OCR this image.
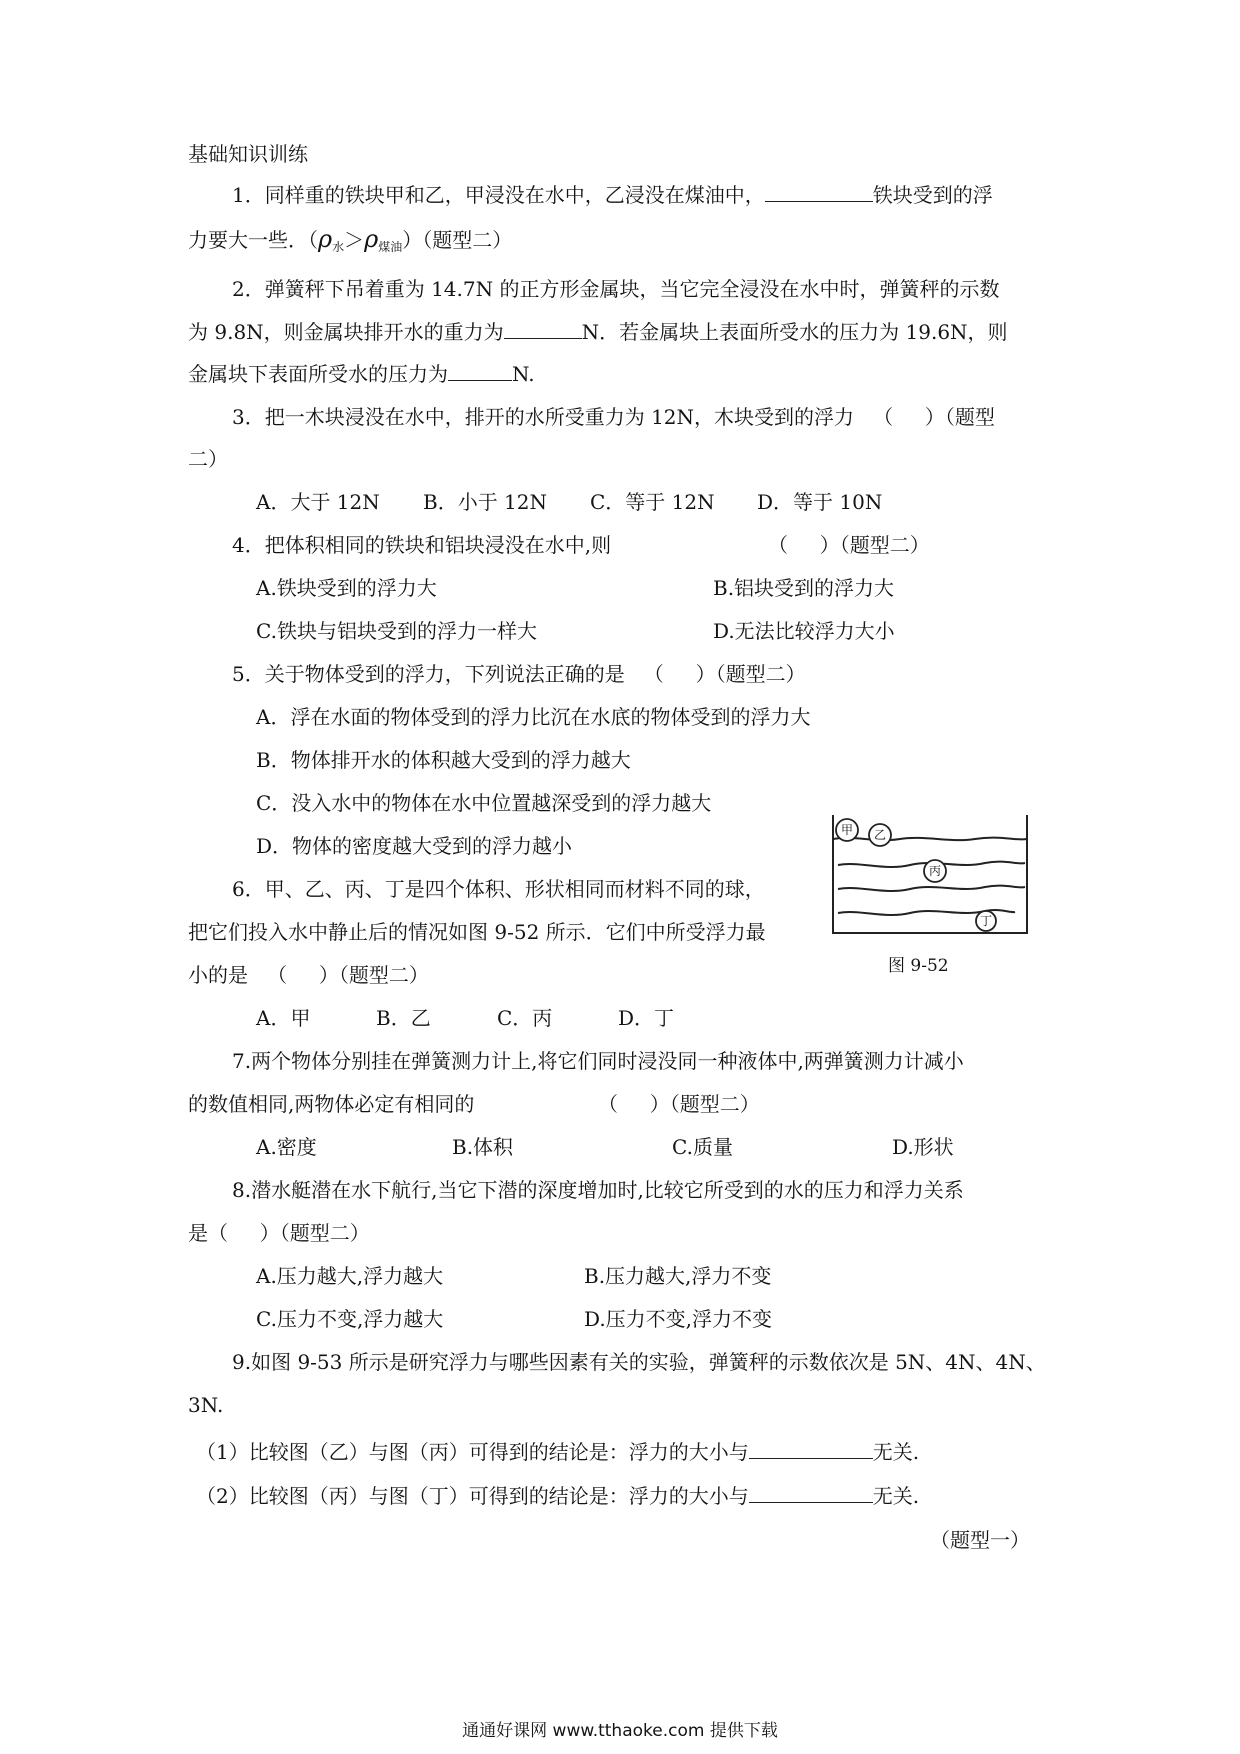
基础知识训练
1．同样重的铁块甲和乙，甲浸没在水中，乙浸没在煤油中，	铁块受到的浮
力要大一些．$(\rho_水>\rho_{煤油})$（题型二）
2．弹簧秤下吊着重为 14.7N 的正方形金属块，当它完全浸没在水中时，弹簧秤的示数
为 9.8N，则金属块排开水的重力为	N．若金属块上表面所受水的压力为 19.6N，则
金属块下表面所受水的压力为	N.
3．把一木块浸没在水中，排开的水所受重力为 12N，木块受到的浮力   （     ）（题型
二）
A．大于 12N B．小于 12N C．等于 12N D．等于 10N
4．把体积相同的铁块和铝块浸没在水中,则	（     ）（题型二）
A.铁块受到的浮力大	B.铝块受到的浮力大
C.铁块与铝块受到的浮力一样大	D.无法比较浮力大小
5．关于物体受到的浮力，下列说法正确的是   （     ）（题型二）
A．浮在水面的物体受到的浮力比沉在水底的物体受到的浮力大
B．物体排开水的体积越大受到的浮力越大
C．没入水中的物体在水中位置越深受到的浮力越大
D．物体的密度越大受到的浮力越小
6．甲、乙、丙、丁是四个体积、形状相同而材料不同的球，
把它们投入水中静止后的情况如图 9-52 所示．它们中所受浮力最
小的是   （     ）（题型二）
A．甲	B．乙	C．丙	D．丁
甲 乙
丙
丁
图 9-52
7.两个物体分别挂在弹簧测力计上,将它们同时浸没同一种液体中,两弹簧测力计减小
的数值相同,两物体必定有相同的	（     ）（题型二）
A.密度	B.体积	C.质量	D.形状
8.潜水艇潜在水下航行,当它下潜的深度增加时,比较它所受到的水的压力和浮力关系
是（     ）（题型二）
A.压力越大,浮力越大	B.压力越大,浮力不变
C.压力不变,浮力越大	D.压力不变,浮力不变
9.如图 9-53 所示是研究浮力与哪些因素有关的实验，弹簧秤的示数依次是 5N、4N、4N、
3N.
（1）比较图（乙）与图（丙）可得到的结论是：浮力的大小与	无关.
（2）比较图（丙）与图（丁）可得到的结论是：浮力的大小与	无关.
（题型一）
通通好课网 www.tthaoke.com 提供下载
